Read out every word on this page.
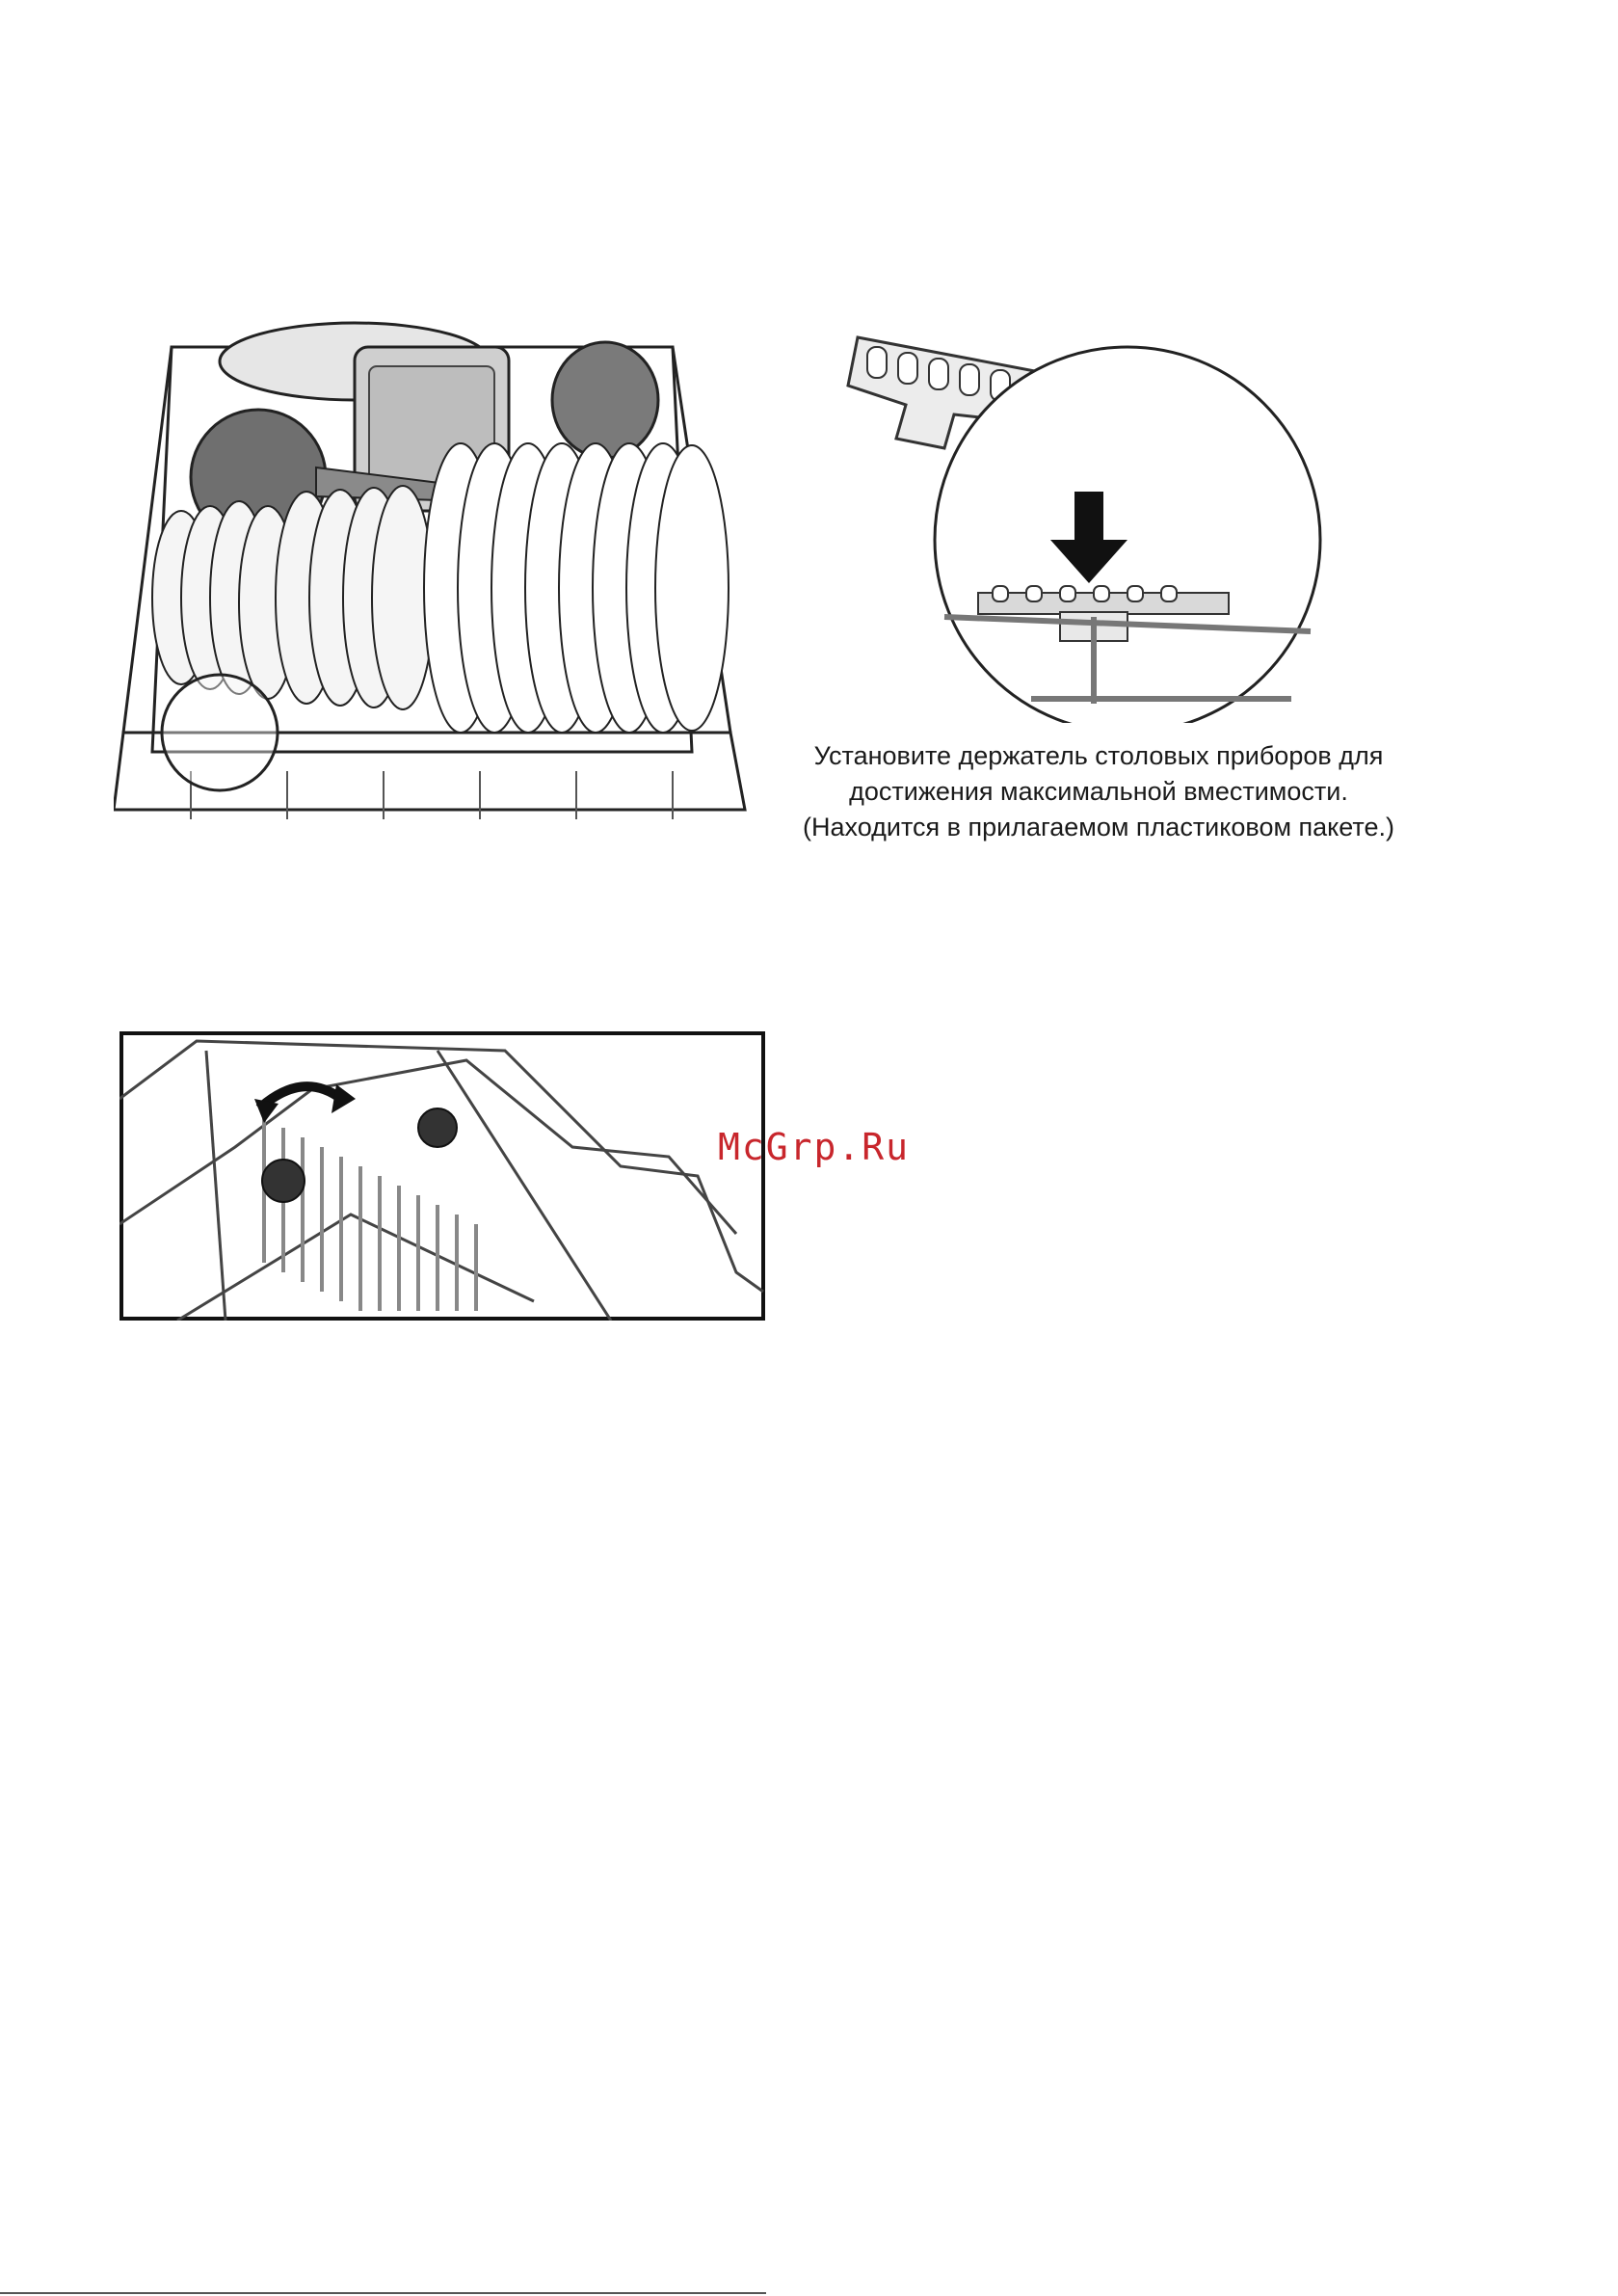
Установите держатель столовых приборов для
достижения максимальной вместимости.
(Находится в прилагаемом пластиковом пакете.)
McGrp.Ru
